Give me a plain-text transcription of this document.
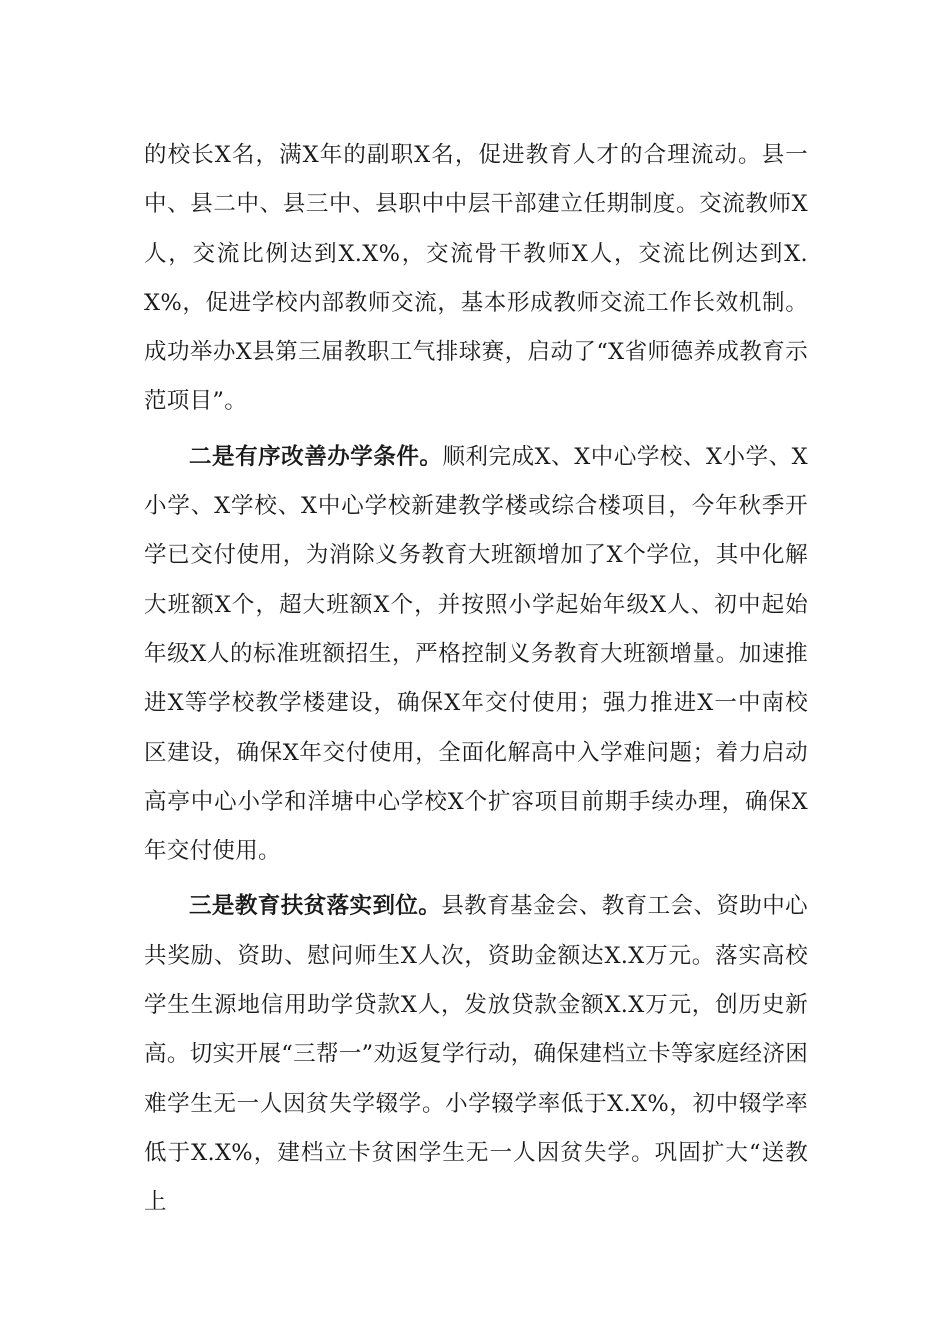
的校长X名，满X年的副职X名，促进教育人才的合理流动。县一中、县二中、县三中、县职中中层干部建立任期制度。交流教师X人，交流比例达到X.X%，交流骨干教师X人，交流比例达到X.X%，促进学校内部教师交流，基本形成教师交流工作长效机制。成功举办X县第三届教职工气排球赛，启动了“X省师德养成教育示范项目”。

二是有序改善办学条件。顺利完成X、X中心学校、X小学、X小学、X学校、X中心学校新建教学楼或综合楼项目，今年秋季开学已交付使用，为消除义务教育大班额增加了X个学位，其中化解大班额X个，超大班额X个，并按照小学起始年级X人、初中起始年级X人的标准班额招生，严格控制义务教育大班额增量。加速推进X等学校教学楼建设，确保X年交付使用；强力推进X一中南校区建设，确保X年交付使用，全面化解高中入学难问题；着力启动高亭中心小学和洋塘中心学校X个扩容项目前期手续办理，确保X年交付使用。

三是教育扶贫落实到位。县教育基金会、教育工会、资助中心共奖励、资助、慰问师生X人次，资助金额达X.X万元。落实高校学生生源地信用助学贷款X人，发放贷款金额X.X万元，创历史新高。切实开展“三帮一”劝返复学行动，确保建档立卡等家庭经济困难学生无一人因贫失学辍学。小学辍学率低于X.X%，初中辍学率低于X.X%，建档立卡贫困学生无一人因贫失学。巩固扩大“送教上
